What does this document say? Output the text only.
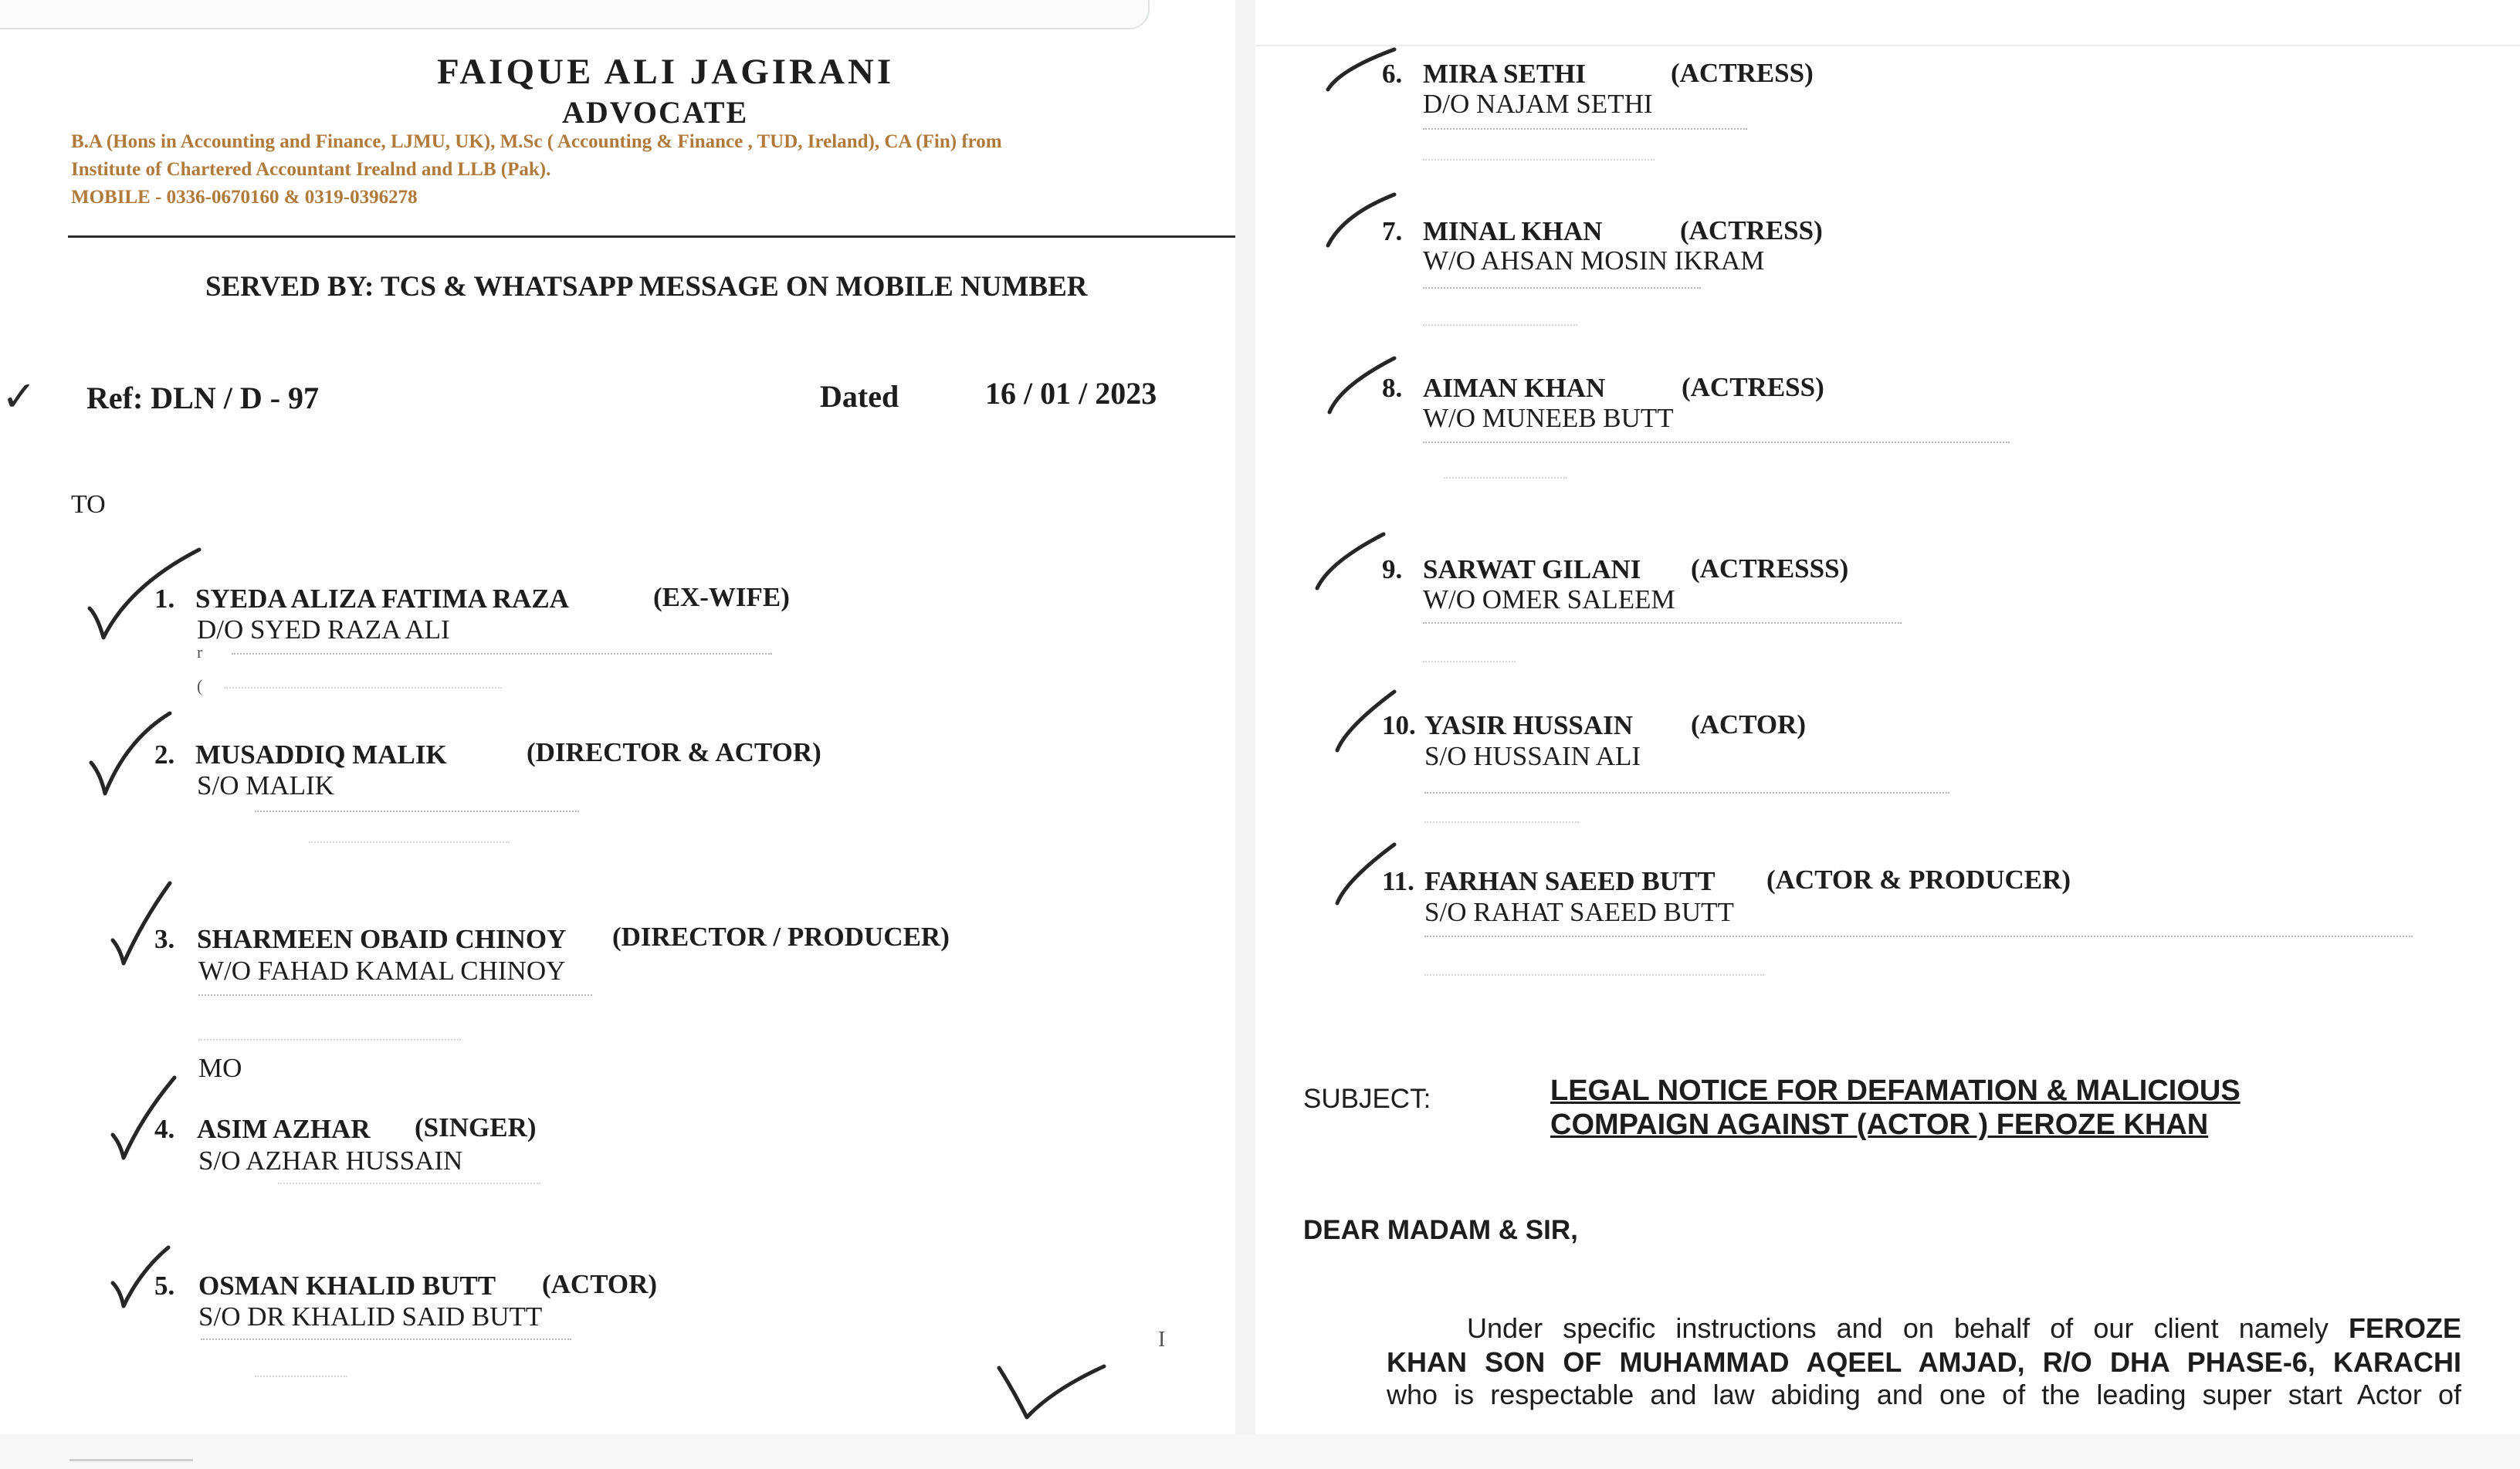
FAIQUE ALI JAGIRANI
ADVOCATE
B.A (Hons in Accounting and Finance, LJMU, UK), M.Sc ( Accounting & Finance , TUD, Ireland), CA (Fin) from
Institute of Chartered Accountant Irealnd and LLB (Pak).
MOBILE - 0336-0670160 & 0319-0396278
SERVED BY: TCS & WHATSAPP MESSAGE ON MOBILE NUMBER
✓ Ref: DLN / D - 97	Dated	16 / 01 / 2023
TO
1. SYEDA ALIZA FATIMA RAZA	(EX-WIFE)
D/O SYED RAZA ALI
r
(
2. MUSADDIQ MALIK	(DIRECTOR & ACTOR)
S/O MALIK
3. SHARMEEN OBAID CHINOY (DIRECTOR / PRODUCER)
W/O FAHAD KAMAL CHINOY
MO
4. ASIM AZHAR (SINGER)
S/O AZHAR HUSSAIN
5. OSMAN KHALID BUTT (ACTOR)
S/O DR KHALID SAID BUTT
I
6. MIRA SETHI	(ACTRESS)
D/O NAJAM SETHI
7. MINAL KHAN	(ACTRESS)
W/O AHSAN MOSIN IKRAM
8. AIMAN KHAN	(ACTRESS)
W/O MUNEEB BUTT
9. SARWAT GILANI (ACTRESSS)
W/O OMER SALEEM
10. YASIR HUSSAIN (ACTOR)
S/O HUSSAIN ALI
11. FARHAN SAEED BUTT (ACTOR & PRODUCER)
S/O RAHAT SAEED BUTT
SUBJECT:	LEGAL NOTICE FOR DEFAMATION & MALICIOUS
COMPAIGN AGAINST (ACTOR ) FEROZE KHAN
DEAR MADAM & SIR,
Under specific instructions and on behalf of our client namely FEROZE
KHAN SON OF MUHAMMAD AQEEL AMJAD, R/O DHA PHASE-6, KARACHI
who is respectable and law abiding and one of the leading super start Actor of
